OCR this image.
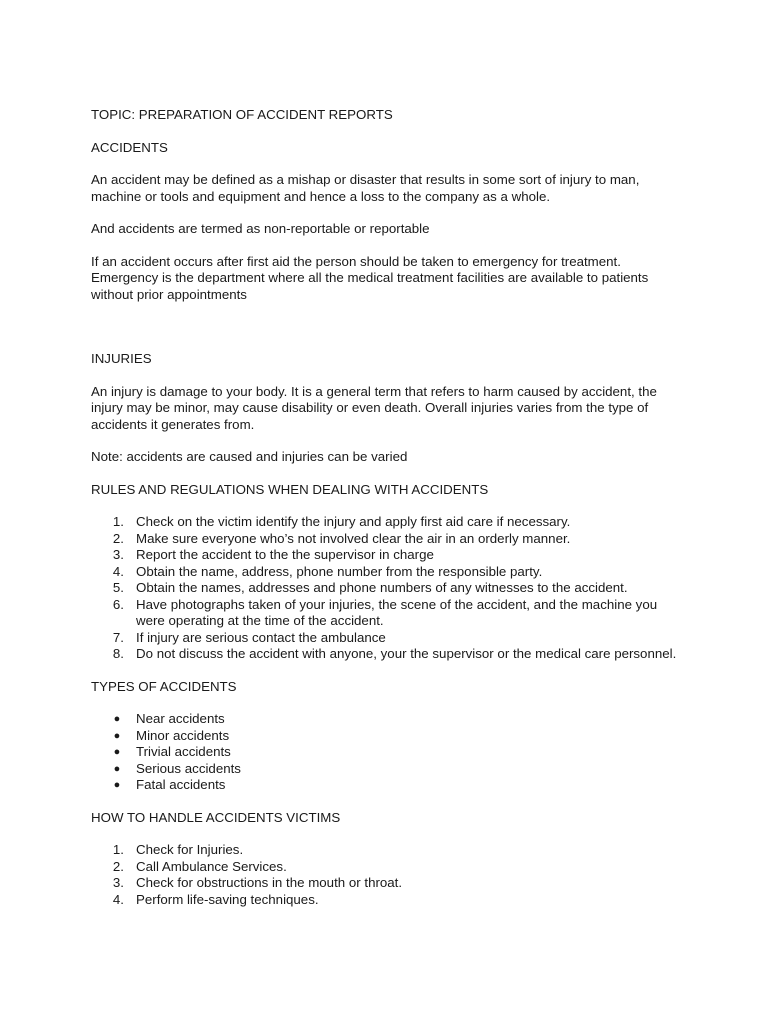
TOPIC: PREPARATION OF ACCIDENT REPORTS

ACCIDENTS

An accident may be defined as a mishap or disaster that results in some sort of injury to man, machine or tools and equipment and hence a loss to the company as a whole.

And accidents are termed as non-reportable or reportable

If an accident occurs after first aid the person should be taken to emergency for treatment. Emergency is the department where all the medical treatment facilities are available to patients without prior appointments

INJURIES

An injury is damage to your body. It is a general term that refers to harm caused by accident, the injury may be minor, may cause disability or even death. Overall injuries varies from the type of accidents it generates from.

Note: accidents are caused and injuries can be varied

RULES AND REGULATIONS WHEN DEALING WITH ACCIDENTS

1. Check on the victim identify the injury and apply first aid care if necessary.
2. Make sure everyone who’s not involved clear the air in an orderly manner.
3. Report the accident to the the supervisor in charge
4. Obtain the name, address, phone number from the responsible party.
5. Obtain the names, addresses and phone numbers of any witnesses to the accident.
6. Have photographs taken of your injuries, the scene of the accident, and the machine you were operating at the time of the accident.
7. If injury are serious contact the ambulance
8. Do not discuss the accident with anyone, your the supervisor or the medical care personnel.

TYPES OF ACCIDENTS

●	Near accidents
●	Minor accidents
●	Trivial accidents
●	Serious accidents
●	Fatal accidents

HOW TO HANDLE ACCIDENTS VICTIMS

1. Check for Injuries.
2. Call Ambulance Services.
3. Check for obstructions in the mouth or throat.
4. Perform life-saving techniques.
